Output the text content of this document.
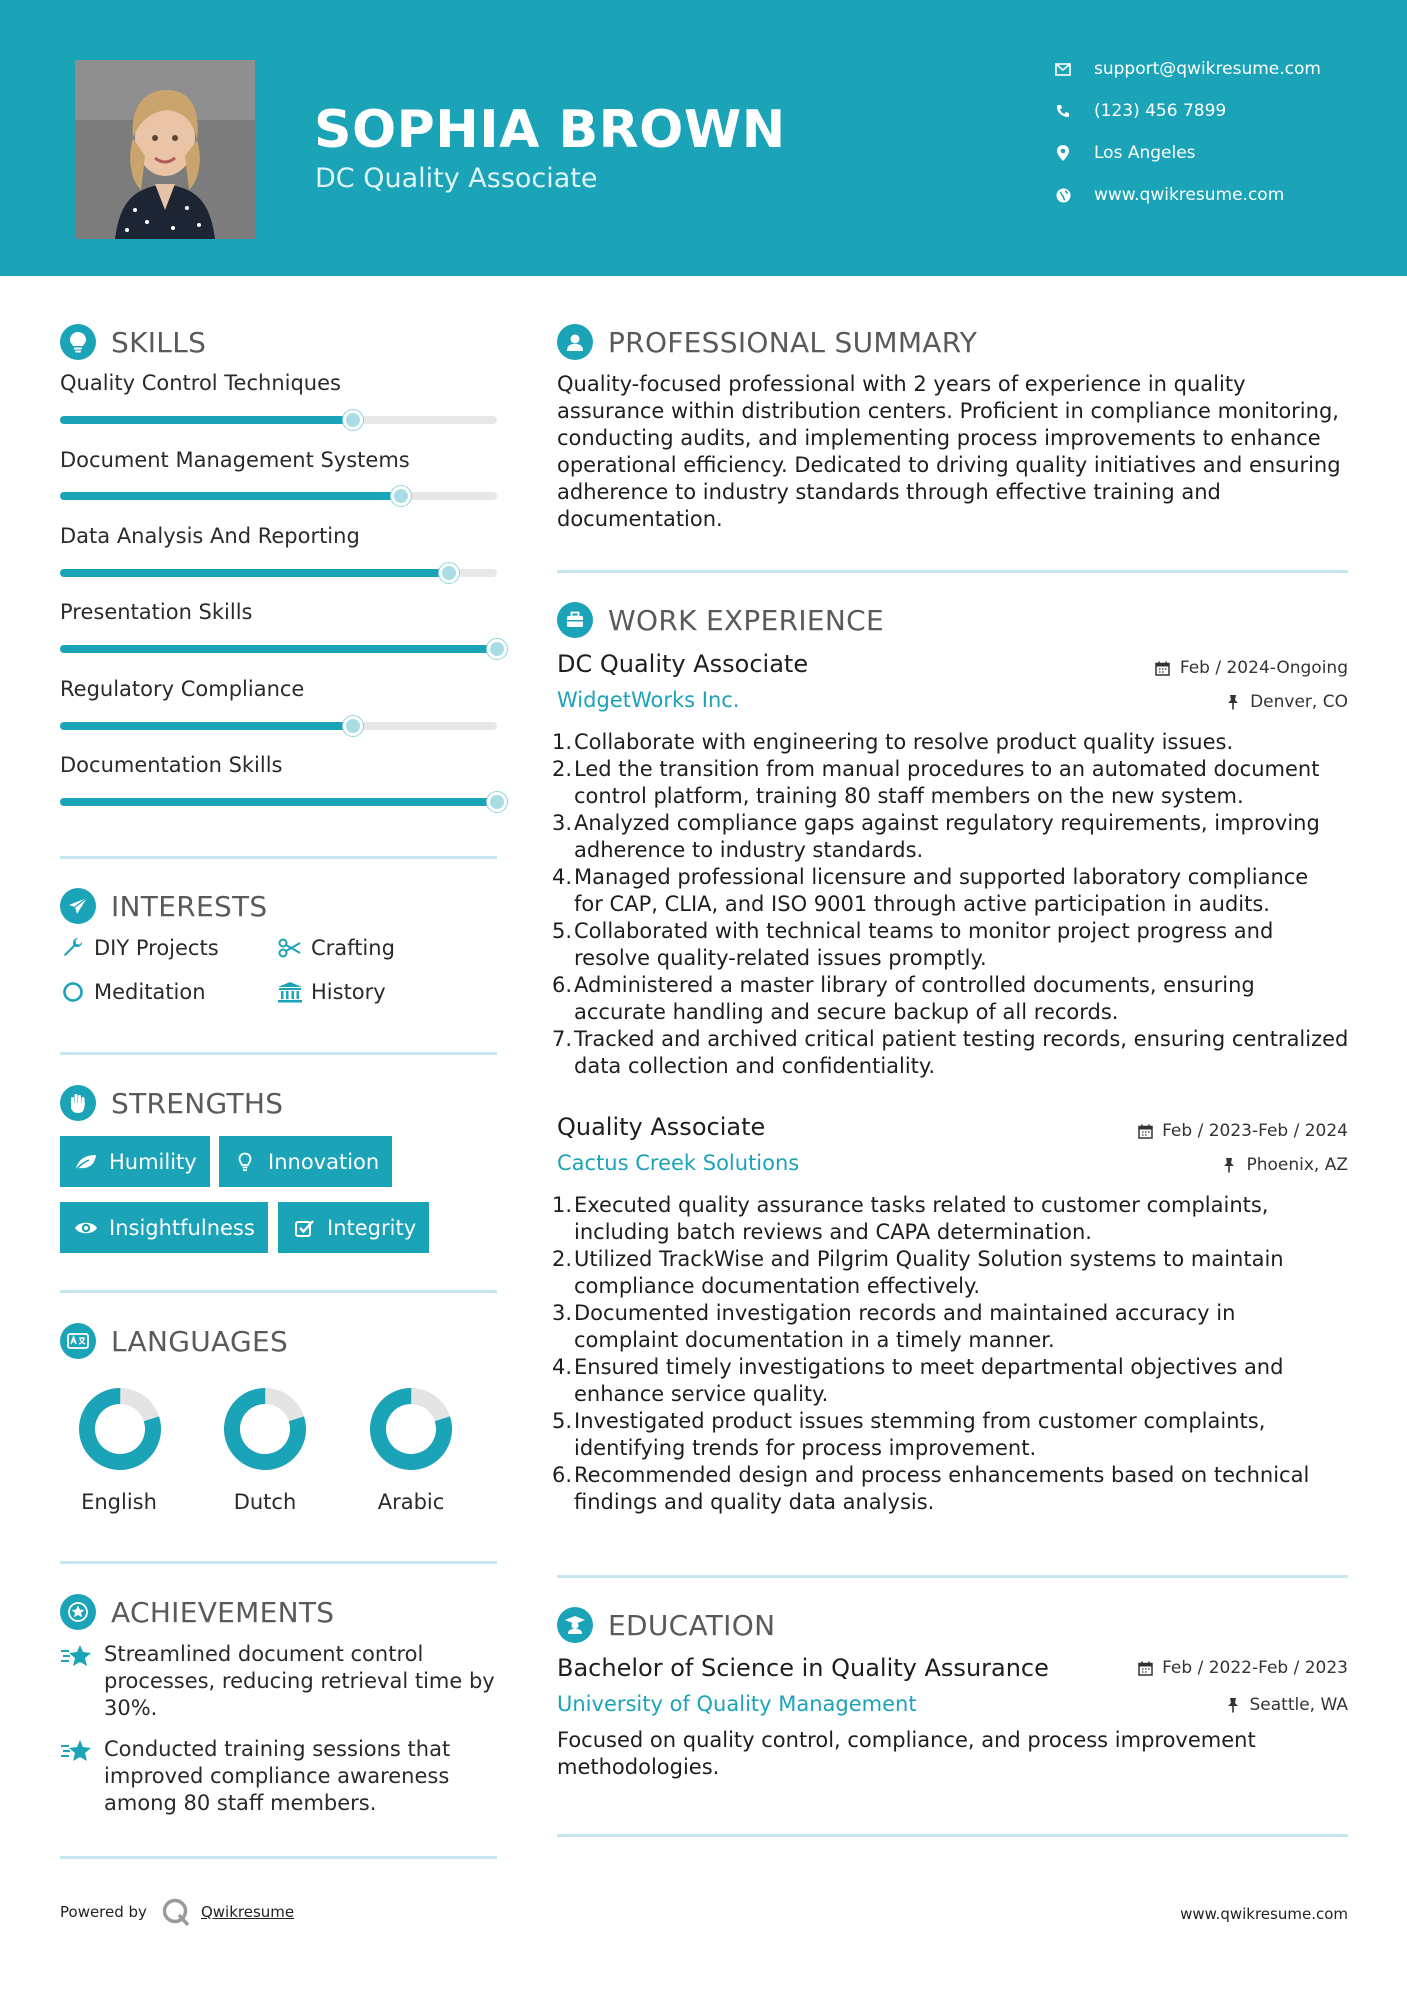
SOPHIA BROWN
DC Quality Associate
support@qwikresume.com
(123) 456 7899
Los Angeles
www.qwikresume.com
SKILLS
Quality Control Techniques
Document Management Systems
Data Analysis And Reporting
Presentation Skills
Regulatory Compliance
Documentation Skills
INTERESTS
DIY Projects	Crafting
Meditation	History
STRENGTHS
Humility	Innovation
Insightfulness	Integrity
LANGUAGES
English	Dutch	Arabic
ACHIEVEMENTS
Streamlined document control
processes, reducing retrieval time by
30%.
Conducted training sessions that
improved compliance awareness
among 80 staff members.
PROFESSIONAL SUMMARY
Quality-focused professional with 2 years of experience in quality
assurance within distribution centers. Proficient in compliance monitoring,
conducting audits, and implementing process improvements to enhance
operational efficiency. Dedicated to driving quality initiatives and ensuring
adherence to industry standards through effective training and
documentation.
WORK EXPERIENCE
DC Quality Associate	Feb / 2024-Ongoing
WidgetWorks Inc.	Denver, CO
1. Collaborate with engineering to resolve product quality issues.
2. Led the transition from manual procedures to an automated document
control platform, training 80 staff members on the new system.
3. Analyzed compliance gaps against regulatory requirements, improving
adherence to industry standards.
4. Managed professional licensure and supported laboratory compliance
for CAP, CLIA, and ISO 9001 through active participation in audits.
5. Collaborated with technical teams to monitor project progress and
resolve quality-related issues promptly.
6. Administered a master library of controlled documents, ensuring
accurate handling and secure backup of all records.
7. Tracked and archived critical patient testing records, ensuring centralized
data collection and confidentiality.
Quality Associate	Feb / 2023-Feb / 2024
Cactus Creek Solutions	Phoenix, AZ
1. Executed quality assurance tasks related to customer complaints,
including batch reviews and CAPA determination.
2. Utilized TrackWise and Pilgrim Quality Solution systems to maintain
compliance documentation effectively.
3. Documented investigation records and maintained accuracy in
complaint documentation in a timely manner.
4. Ensured timely investigations to meet departmental objectives and
enhance service quality.
5. Investigated product issues stemming from customer complaints,
identifying trends for process improvement.
6. Recommended design and process enhancements based on technical
findings and quality data analysis.
EDUCATION
Bachelor of Science in Quality Assurance	Feb / 2022-Feb / 2023
University of Quality Management	Seattle, WA
Focused on quality control, compliance, and process improvement
methodologies.
Powered by	Qwikresume	www.qwikresume.com
